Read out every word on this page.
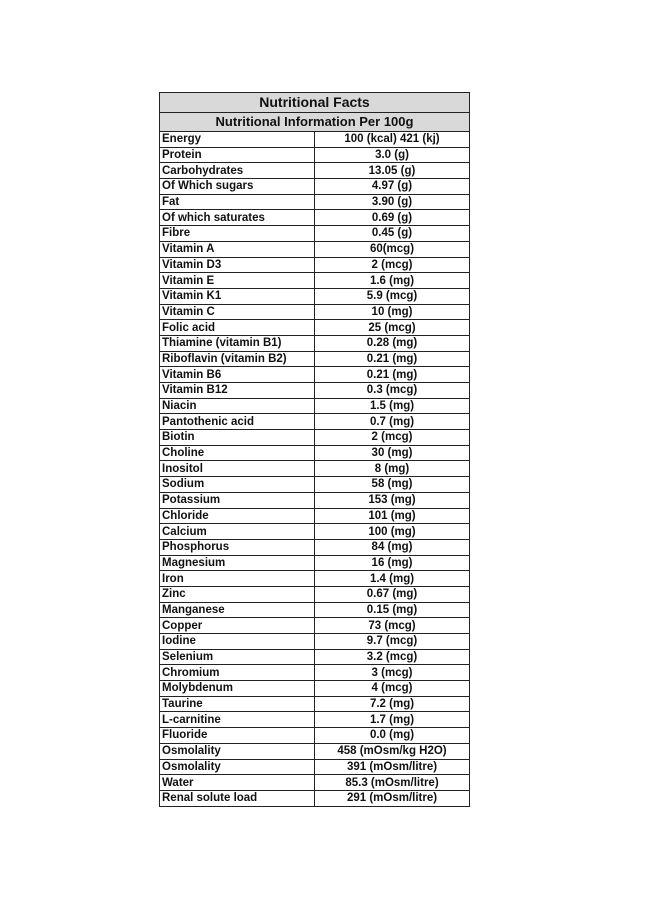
Nutritional Facts	
Nutritional Information Per 100g	
Energy	100 (kcal) 421 (kj)
Protein	3.0 (g)
Carbohydrates	13.05 (g)
Of Which sugars	4.97 (g)
Fat	3.90 (g)
Of which saturates	0.69 (g)
Fibre	0.45 (g)
Vitamin A	60(mcg)
Vitamin D3	2 (mcg)
Vitamin E	1.6 (mg)
Vitamin K1	5.9 (mcg)
Vitamin C	10 (mg)
Folic acid	25 (mcg)
Thiamine (vitamin B1)	0.28 (mg)
Riboflavin (vitamin B2)	0.21 (mg)
Vitamin B6	0.21 (mg)
Vitamin B12	0.3 (mcg)
Niacin	1.5 (mg)
Pantothenic acid	0.7 (mg)
Biotin	2 (mcg)
Choline	30 (mg)
Inositol	8 (mg)
Sodium	58 (mg)
Potassium	153 (mg)
Chloride	101 (mg)
Calcium	100 (mg)
Phosphorus	84 (mg)
Magnesium	16 (mg)
Iron	1.4 (mg)
Zinc	0.67 (mg)
Manganese	0.15 (mg)
Copper	73 (mcg)
Iodine	9.7 (mcg)
Selenium	3.2 (mcg)
Chromium	3 (mcg)
Molybdenum	4 (mcg)
Taurine	7.2 (mg)
L-carnitine	1.7 (mg)
Fluoride	0.0 (mg)
Osmolality	458 (mOsm/kg H2O)
Osmolality	391 (mOsm/litre)
Water	85.3 (mOsm/litre)
Renal solute load	291 (mOsm/litre)
